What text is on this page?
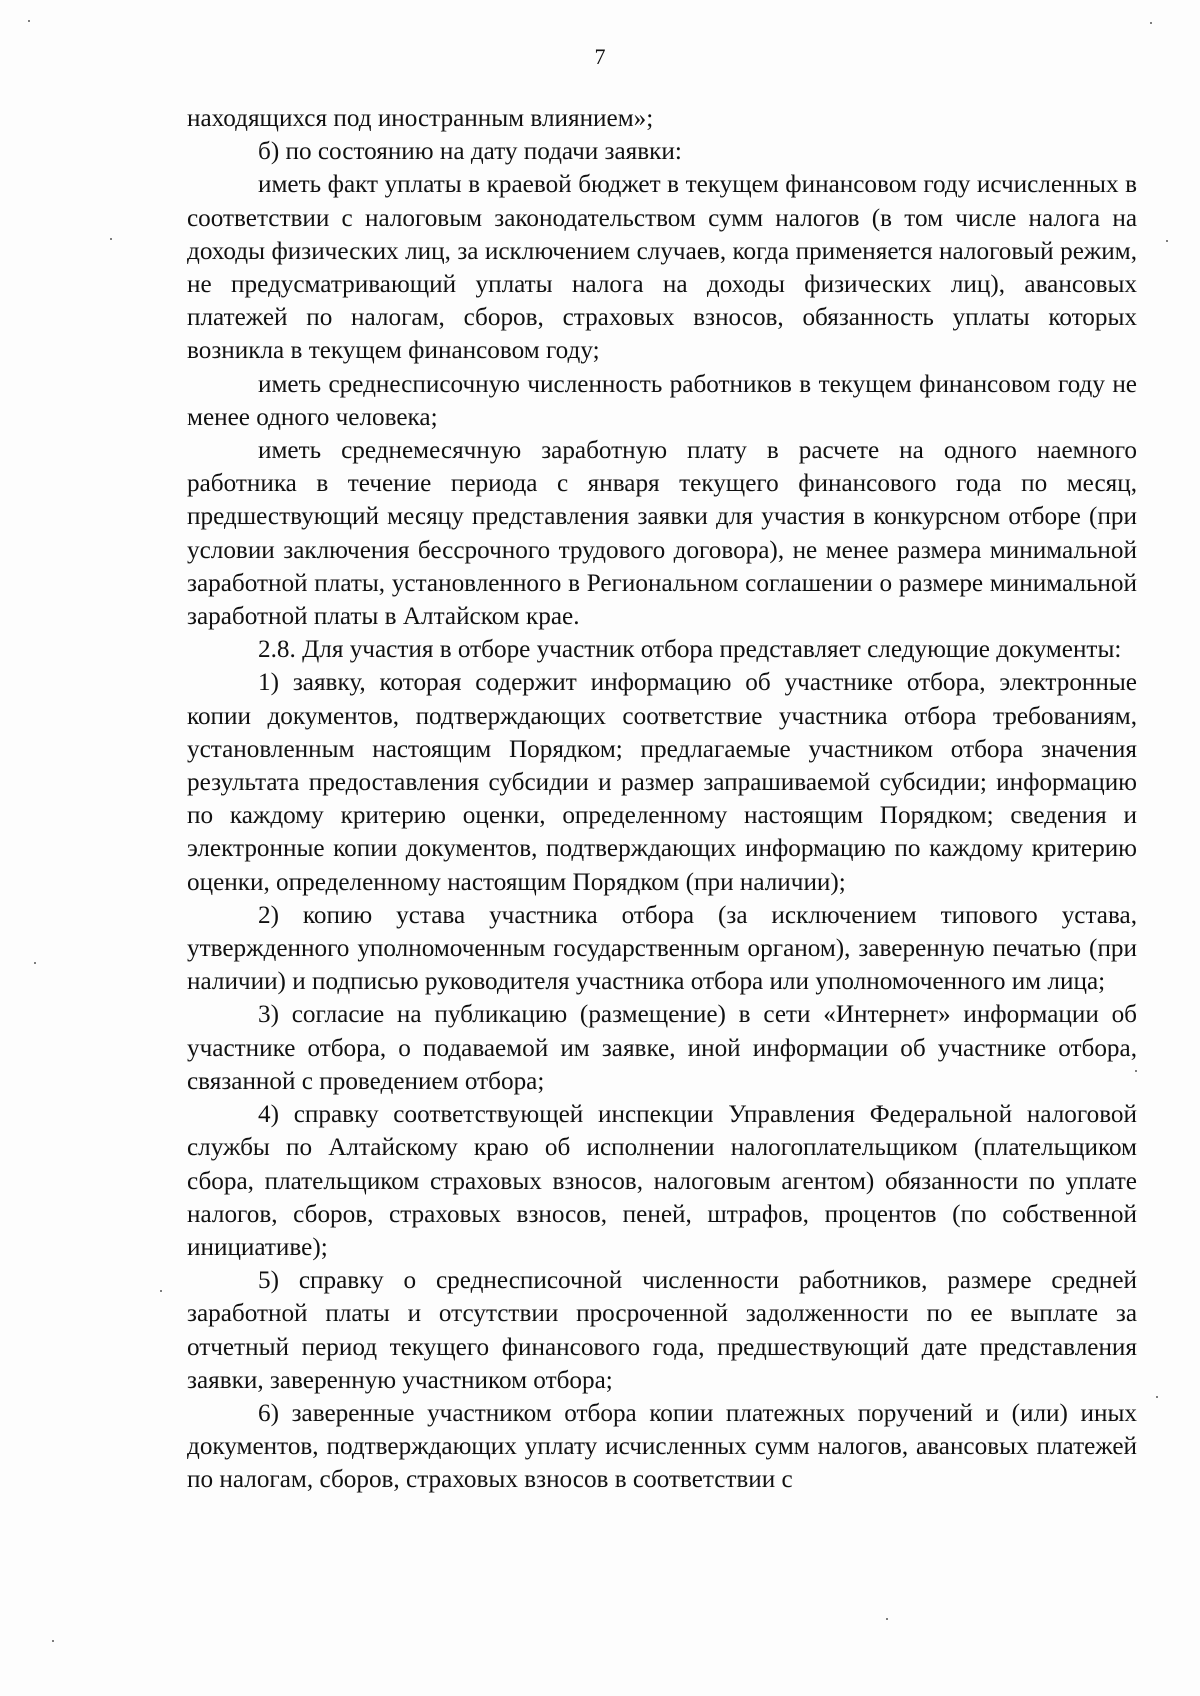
7

находящихся под иностранным влиянием»;

б) по состоянию на дату подачи заявки:

иметь факт уплаты в краевой бюджет в текущем финансовом году исчисленных в соответствии с налоговым законодательством сумм налогов (в том числе налога на доходы физических лиц, за исключением случаев, когда применяется налоговый режим, не предусматривающий уплаты налога на доходы физических лиц), авансовых платежей по налогам, сборов, страховых взносов, обязанность уплаты которых возникла в текущем финансовом году;

иметь среднесписочную численность работников в текущем финансовом году не менее одного человека;

иметь среднемесячную заработную плату в расчете на одного наемного работника в течение периода с января текущего финансового года по месяц, предшествующий месяцу представления заявки для участия в конкурсном отборе (при условии заключения бессрочного трудового договора), не менее размера минимальной заработной платы, установленного в Региональном соглашении о размере минимальной заработной платы в Алтайском крае.

2.8. Для участия в отборе участник отбора представляет следующие документы:

1) заявку, которая содержит информацию об участнике отбора, электронные копии документов, подтверждающих соответствие участника отбора требованиям, установленным настоящим Порядком; предлагаемые участником отбора значения результата предоставления субсидии и размер запрашиваемой субсидии; информацию по каждому критерию оценки, определенному настоящим Порядком; сведения и электронные копии документов, подтверждающих информацию по каждому критерию оценки, определенному настоящим Порядком (при наличии);

2) копию устава участника отбора (за исключением типового устава, утвержденного уполномоченным государственным органом), заверенную печатью (при наличии) и подписью руководителя участника отбора или уполномоченного им лица;

3) согласие на публикацию (размещение) в сети «Интернет» информации об участнике отбора, о подаваемой им заявке, иной информации об участнике отбора, связанной с проведением отбора;

4) справку соответствующей инспекции Управления Федеральной налоговой службы по Алтайскому краю об исполнении налогоплательщиком (плательщиком сбора, плательщиком страховых взносов, налоговым агентом) обязанности по уплате налогов, сборов, страховых взносов, пеней, штрафов, процентов (по собственной инициативе);

5) справку о среднесписочной численности работников, размере средней заработной платы и отсутствии просроченной задолженности по ее выплате за отчетный период текущего финансового года, предшествующий дате представления заявки, заверенную участником отбора;

6) заверенные участником отбора копии платежных поручений и (или) иных документов, подтверждающих уплату исчисленных сумм налогов, авансовых платежей по налогам, сборов, страховых взносов в соответствии с
